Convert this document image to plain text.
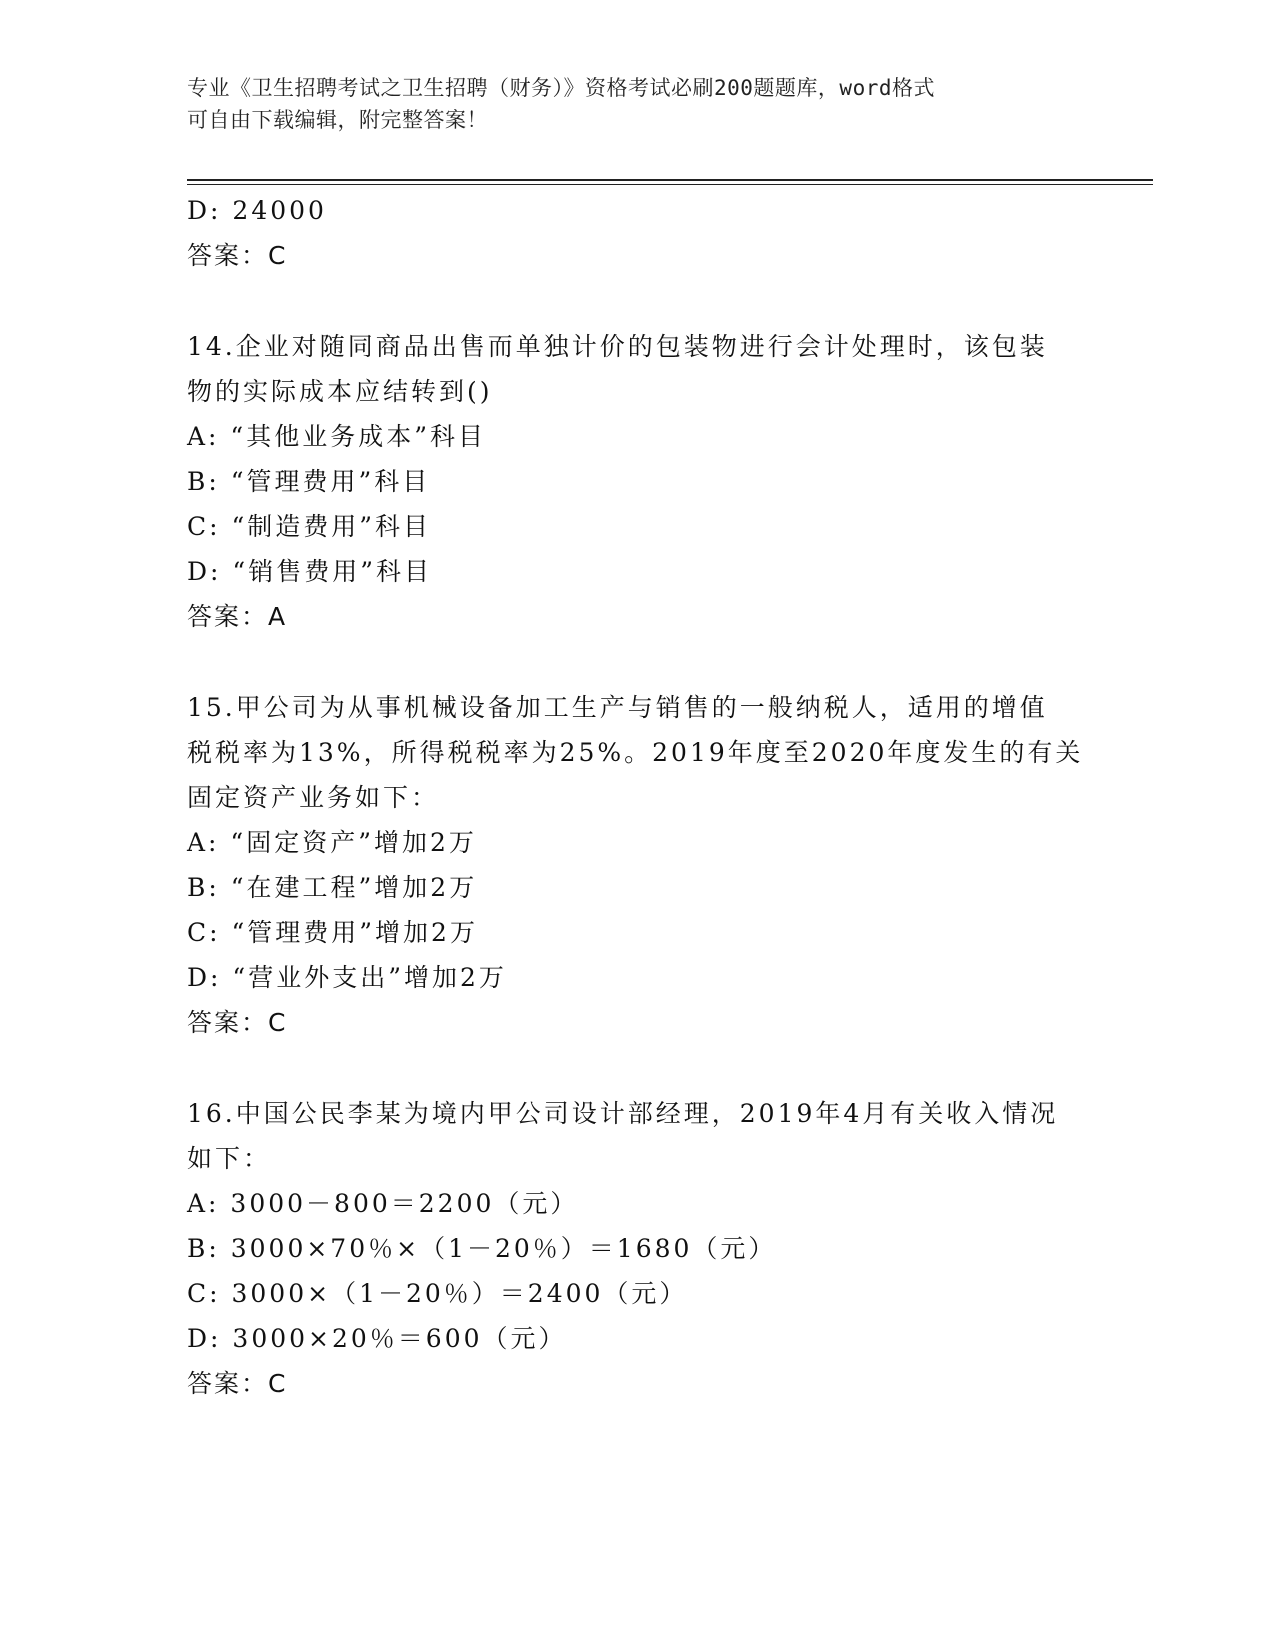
专业《卫生招聘考试之卫生招聘（财务）》资格考试必刷200题题库，word格式
可自由下载编辑，附完整答案！
D: 24000
答案：C
14.企业对随同商品出售而单独计价的包装物进行会计处理时，该包装
物的实际成本应结转到()
A: “其他业务成本”科目
B: “管理费用”科目
C: “制造费用”科目
D: “销售费用”科目
答案：A
15.甲公司为从事机械设备加工生产与销售的一般纳税人，适用的增值
税税率为13%，所得税税率为25%。2019年度至2020年度发生的有关
固定资产业务如下：
A: “固定资产”增加2万
B: “在建工程”增加2万
C: “管理费用”增加2万
D: “营业外支出”增加2万
答案：C
16.中国公民李某为境内甲公司设计部经理，2019年4月有关收入情况
如下：
A: 3000－800＝2200（元）
B: 3000×70％×（1－20％）＝1680（元）
C: 3000×（1－20％）＝2400（元）
D: 3000×20％＝600（元）
答案：C
